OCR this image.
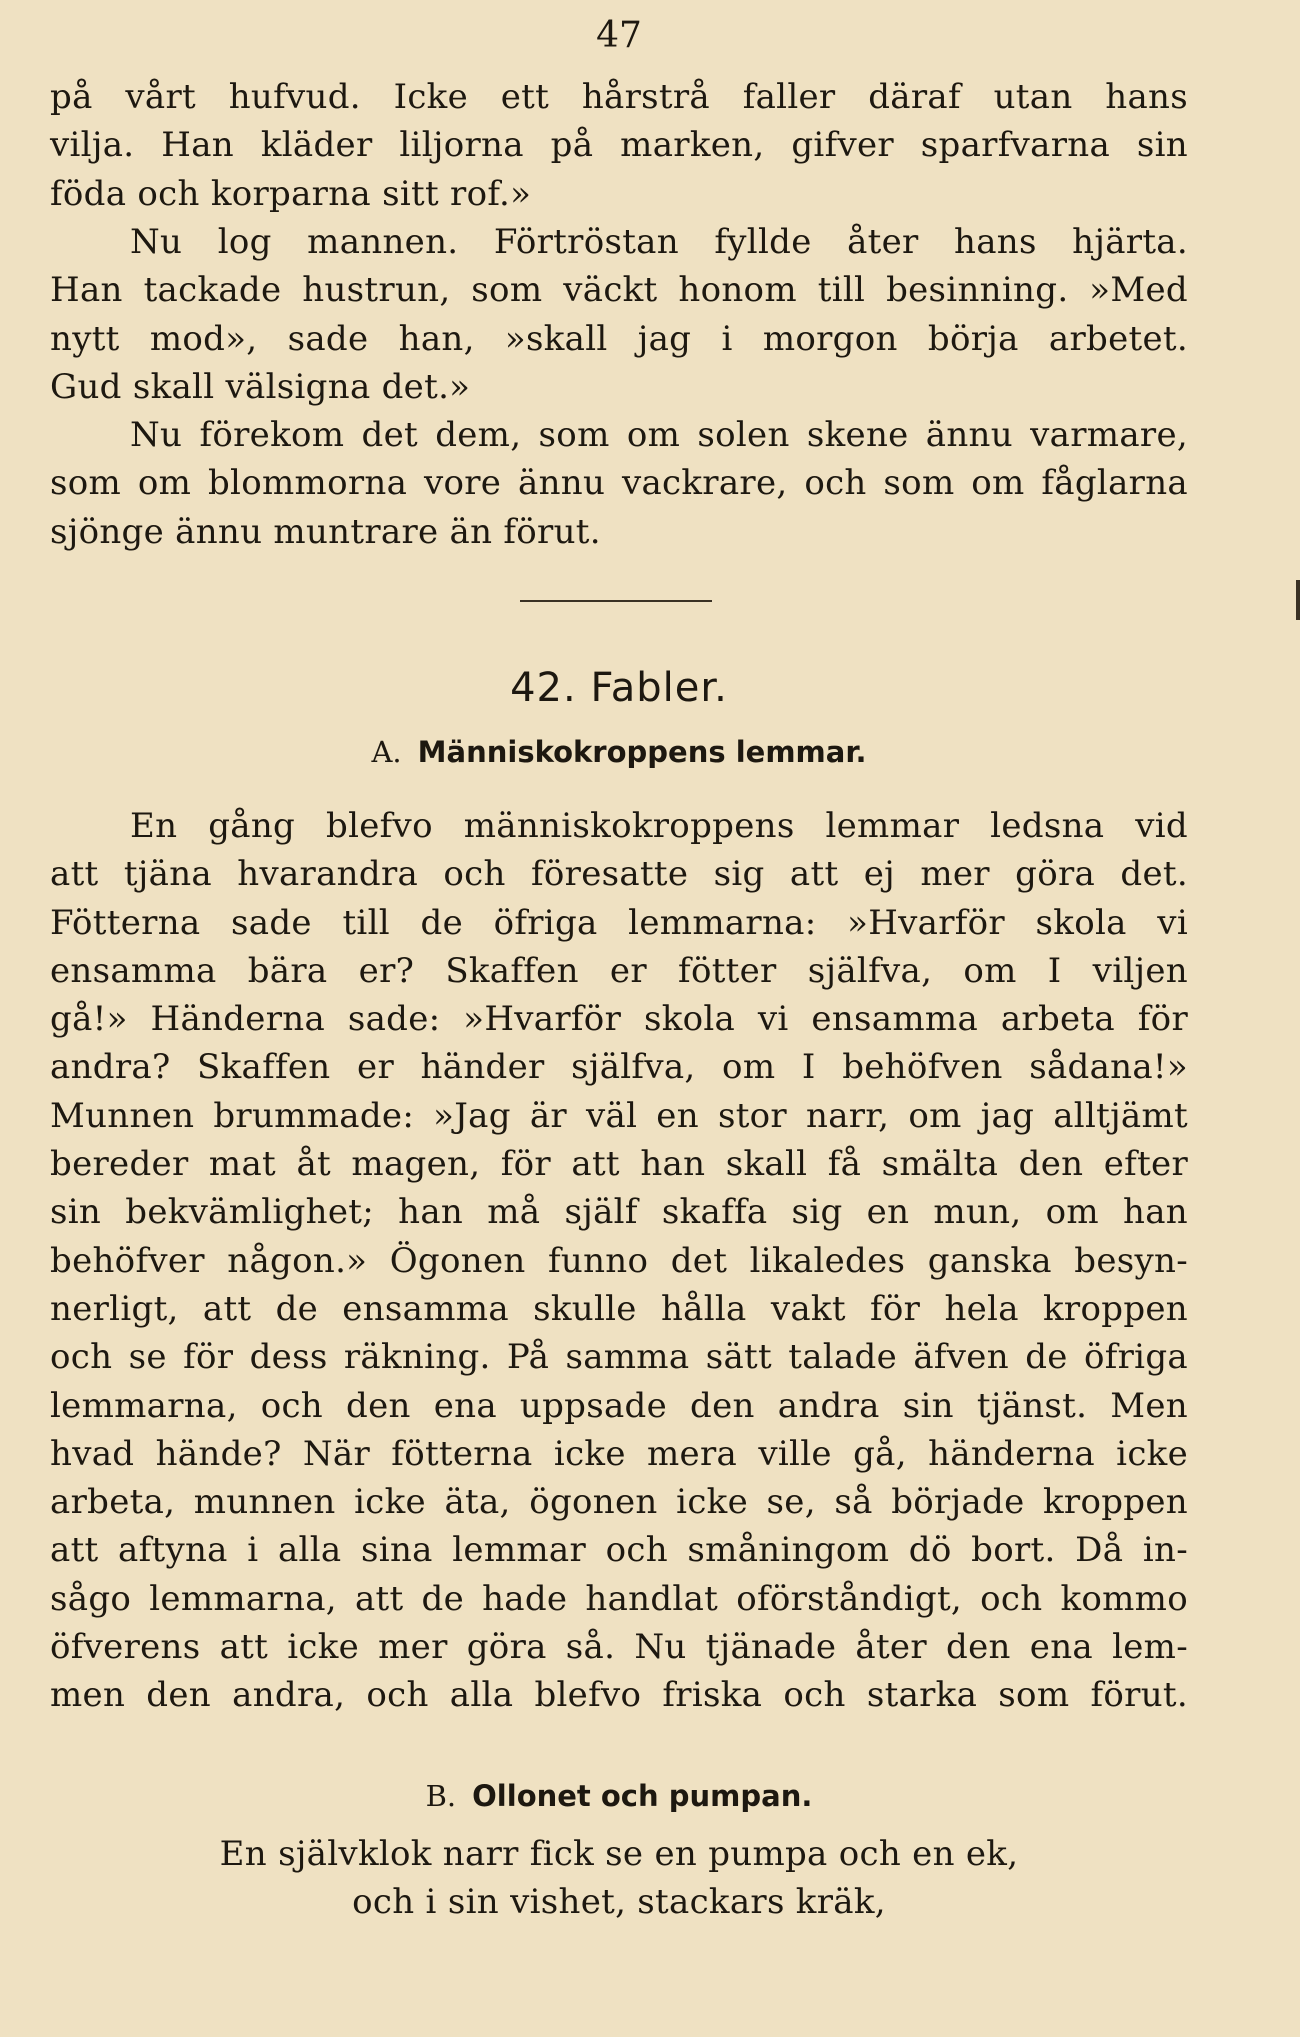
47
på vårt hufvud. Icke ett hårstrå faller däraf utan hans
vilja. Han kläder liljorna på marken, gifver sparfvarna sin
föda och korparna sitt rof.»
Nu log mannen. Förtröstan fyllde åter hans hjärta.
Han tackade hustrun, som väckt honom till besinning. »Med
nytt mod», sade han, »skall jag i morgon börja arbetet.
Gud skall välsigna det.»
Nu förekom det dem, som om solen skene ännu varmare,
som om blommorna vore ännu vackrare, och som om fåglarna
sjönge ännu muntrare än förut.
42. Fabler.
A. Människokroppens lemmar.
En gång blefvo människokroppens lemmar ledsna vid
att tjäna hvarandra och föresatte sig att ej mer göra det.
Fötterna sade till de öfriga lemmarna: »Hvarför skola vi
ensamma bära er? Skaffen er fötter själfva, om I viljen
gå!» Händerna sade: »Hvarför skola vi ensamma arbeta för
andra? Skaffen er händer själfva, om I behöfven sådana!»
Munnen brummade: »Jag är väl en stor narr, om jag alltjämt
bereder mat åt magen, för att han skall få smälta den efter
sin bekvämlighet; han må själf skaffa sig en mun, om han
behöfver någon.» Ögonen funno det likaledes ganska besyn-
nerligt, att de ensamma skulle hålla vakt för hela kroppen
och se för dess räkning. På samma sätt talade äfven de öfriga
lemmarna, och den ena uppsade den andra sin tjänst. Men
hvad hände? När fötterna icke mera ville gå, händerna icke
arbeta, munnen icke äta, ögonen icke se, så började kroppen
att aftyna i alla sina lemmar och småningom dö bort. Då in-
sågo lemmarna, att de hade handlat oförståndigt, och kommo
öfverens att icke mer göra så. Nu tjänade åter den ena lem-
men den andra, och alla blefvo friska och starka som förut.
B. Ollonet och pumpan.
En självklok narr fick se en pumpa och en ek,
och i sin vishet, stackars kräk,
